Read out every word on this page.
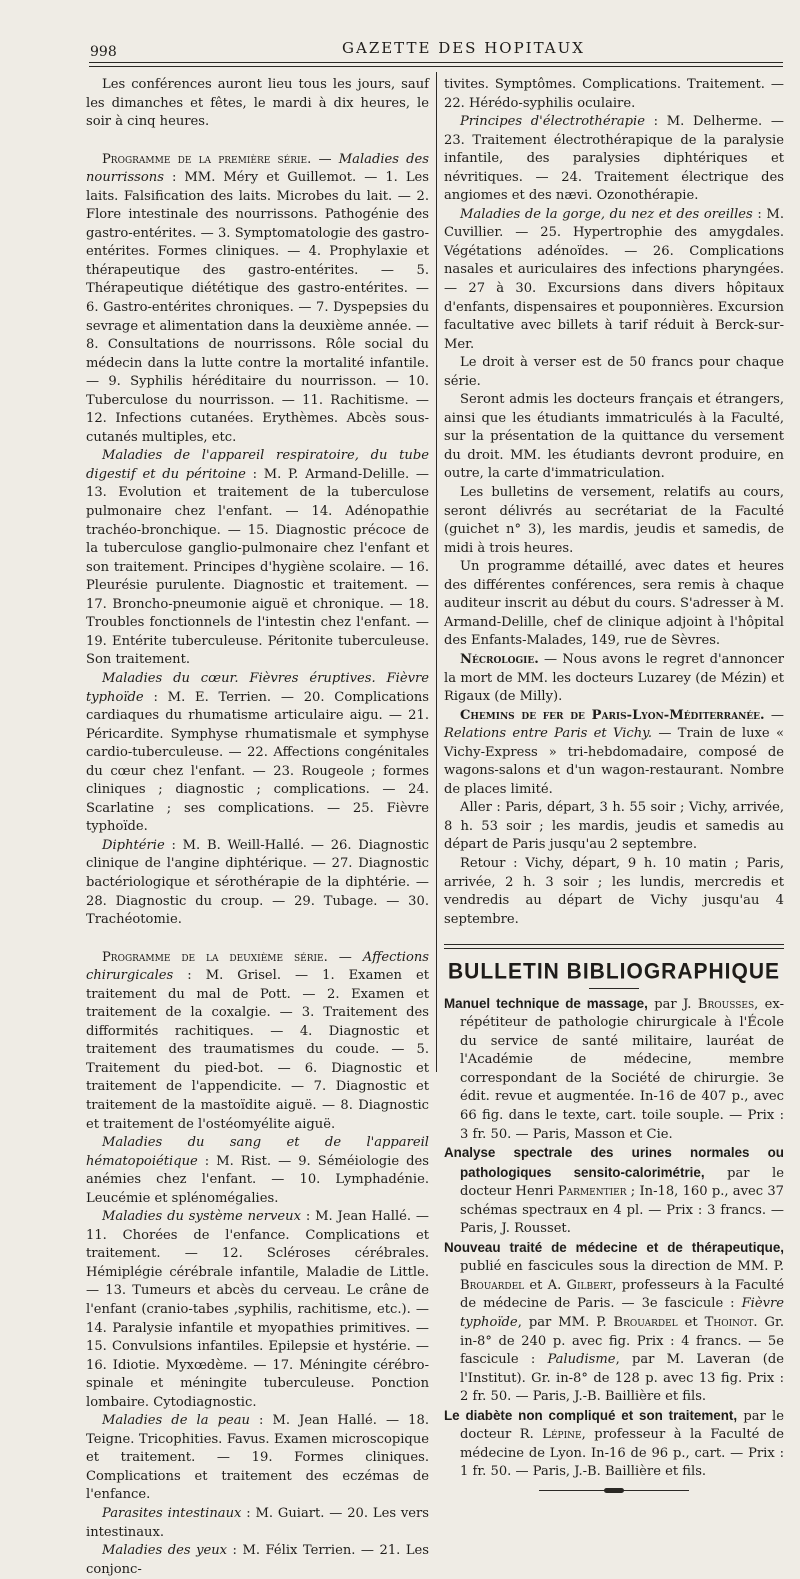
998	GAZETTE DES HOPITAUX

Les conférences auront lieu tous les jours, sauf les dimanches et fêtes, le mardi à dix heures, le soir à cinq heures.

Programme de la première série. — Maladies des nourrissons : MM. Méry et Guillemot. — 1. Les laits. Falsification des laits. Microbes du lait. — 2. Flore intestinale des nourrissons. Pathogénie des gastro-entérites. — 3. Symptomatologie des gastro-entérites. Formes cliniques. — 4. Prophylaxie et thérapeutique des gastro-entérites. — 5. Thérapeutique diététique des gastro-entérites. — 6. Gastro-entérites chroniques. — 7. Dyspepsies du sevrage et alimentation dans la deuxième année. — 8. Consultations de nourrissons. Rôle social du médecin dans la lutte contre la mortalité infantile. — 9. Syphilis héréditaire du nourrisson. — 10. Tuberculose du nourrisson. — 11. Rachitisme. — 12. Infections cutanées. Erythèmes. Abcès sous-cutanés multiples, etc.

Maladies de l'appareil respiratoire, du tube digestif et du péritoine : M. P. Armand-Delille. — 13. Evolution et traitement de la tuberculose pulmonaire chez l'enfant. — 14. Adénopathie trachéo-bronchique. — 15. Diagnostic précoce de la tuberculose ganglio-pulmonaire chez l'enfant et son traitement. Principes d'hygiène scolaire. — 16. Pleurésie purulente. Diagnostic et traitement. — 17. Broncho-pneumonie aiguë et chronique. — 18. Troubles fonctionnels de l'intestin chez l'enfant. — 19. Entérite tuberculeuse. Péritonite tuberculeuse. Son traitement.

Maladies du cœur. Fièvres éruptives. Fièvre typhoïde : M. E. Terrien. — 20. Complications cardiaques du rhumatisme articulaire aigu. — 21. Péricardite. Symphyse rhumatismale et symphyse cardio-tuberculeuse. — 22. Affections congénitales du cœur chez l'enfant. — 23. Rougeole ; formes cliniques ; diagnostic ; complications. — 24. Scarlatine ; ses complications. — 25. Fièvre typhoïde.

Diphtérie : M. B. Weill-Hallé. — 26. Diagnostic clinique de l'angine diphtérique. — 27. Diagnostic bactériologique et sérothérapie de la diphtérie. — 28. Diagnostic du croup. — 29. Tubage. — 30. Trachéotomie.

Programme de la deuxième série. — Affections chirurgicales : M. Grisel. — 1. Examen et traitement du mal de Pott. — 2. Examen et traitement de la coxalgie. — 3. Traitement des difformités rachitiques. — 4. Diagnostic et traitement des traumatismes du coude. — 5. Traitement du pied-bot. — 6. Diagnostic et traitement de l'appendicite. — 7. Diagnostic et traitement de la mastoïdite aiguë. — 8. Diagnostic et traitement de l'ostéomyélite aiguë.

Maladies du sang et de l'appareil hématopoiétique : M. Rist. — 9. Séméiologie des anémies chez l'enfant. — 10. Lymphadénie. Leucémie et splénomégalies.

Maladies du système nerveux : M. Jean Hallé. — 11. Chorées de l'enfance. Complications et traitement. — 12. Scléroses cérébrales. Hémiplégie cérébrale infantile, Maladie de Little. — 13. Tumeurs et abcès du cerveau. Le crâne de l'enfant (cranio-tabes ,syphilis, rachitisme, etc.). — 14. Paralysie infantile et myopathies primitives. — 15. Convulsions infantiles. Epilepsie et hystérie. — 16. Idiotie. Myxœdème. — 17. Méningite cérébro-spinale et méningite tuberculeuse. Ponction lombaire. Cytodiagnostic.

Maladies de la peau : M. Jean Hallé. — 18. Teigne. Tricophities. Favus. Examen microscopique et traitement. — 19. Formes cliniques. Complications et traitement des eczémas de l'enfance.

Parasites intestinaux : M. Guiart. — 20. Les vers intestinaux.

Maladies des yeux : M. Félix Terrien. — 21. Les conjonc-

tivites. Symptômes. Complications. Traitement. — 22. Hérédo-syphilis oculaire.

Principes d'électrothérapie : M. Delherme. — 23. Traitement électrothérapique de la paralysie infantile, des paralysies diphtériques et névritiques. — 24. Traitement électrique des angiomes et des nævi. Ozonothérapie.

Maladies de la gorge, du nez et des oreilles : M. Cuvillier. — 25. Hypertrophie des amygdales. Végétations adénoïdes. — 26. Complications nasales et auriculaires des infections pharyngées. — 27 à 30. Excursions dans divers hôpitaux d'enfants, dispensaires et pouponnières. Excursion facultative avec billets à tarif réduit à Berck-sur-Mer.

Le droit à verser est de 50 francs pour chaque série.

Seront admis les docteurs français et étrangers, ainsi que les étudiants immatriculés à la Faculté, sur la présentation de la quittance du versement du droit. MM. les étudiants devront produire, en outre, la carte d'immatriculation.

Les bulletins de versement, relatifs au cours, seront délivrés au secrétariat de la Faculté (guichet n° 3), les mardis, jeudis et samedis, de midi à trois heures.

Un programme détaillé, avec dates et heures des différentes conférences, sera remis à chaque auditeur inscrit au début du cours. S'adresser à M. Armand-Delille, chef de clinique adjoint à l'hôpital des Enfants-Malades, 149, rue de Sèvres.

Nécrologie. — Nous avons le regret d'annoncer la mort de MM. les docteurs Luzarey (de Mézin) et Rigaux (de Milly).

Chemins de fer de Paris-Lyon-Méditerranée. — Relations entre Paris et Vichy. — Train de luxe « Vichy-Express » tri-hebdomadaire, composé de wagons-salons et d'un wagon-restaurant. Nombre de places limité.

Aller : Paris, départ, 3 h. 55 soir ; Vichy, arrivée, 8 h. 53 soir ; les mardis, jeudis et samedis au départ de Paris jusqu'au 2 septembre.

Retour : Vichy, départ, 9 h. 10 matin ; Paris, arrivée, 2 h. 3 soir ; les lundis, mercredis et vendredis au départ de Vichy jusqu'au 4 septembre.

BULLETIN BIBLIOGRAPHIQUE

Manuel technique de massage, par J. Brousses, ex-répétiteur de pathologie chirurgicale à l'École du service de santé militaire, lauréat de l'Académie de médecine, membre correspondant de la Société de chirurgie. 3e édit. revue et augmentée. In-16 de 407 p., avec 66 fig. dans le texte, cart. toile souple. — Prix : 3 fr. 50. — Paris, Masson et Cie.

Analyse spectrale des urines normales ou pathologiques sensito-calorimétrie, par le docteur Henri Parmentier ; In-18, 160 p., avec 37 schémas spectraux en 4 pl. — Prix : 3 francs. — Paris, J. Rousset.

Nouveau traité de médecine et de thérapeutique, publié en fascicules sous la direction de MM. P. Brouardel et A. Gilbert, professeurs à la Faculté de médecine de Paris. — 3e fascicule : Fièvre typhoïde, par MM. P. Brouardel et Thoinot. Gr. in-8° de 240 p. avec fig. Prix : 4 francs. — 5e fascicule : Paludisme, par M. Laveran (de l'Institut). Gr. in-8° de 128 p. avec 13 fig. Prix : 2 fr. 50. — Paris, J.-B. Baillière et fils.

Le diabète non compliqué et son traitement, par le docteur R. Lépine, professeur à la Faculté de médecine de Lyon. In-16 de 96 p., cart. — Prix : 1 fr. 50. — Paris, J.-B. Baillière et fils.
